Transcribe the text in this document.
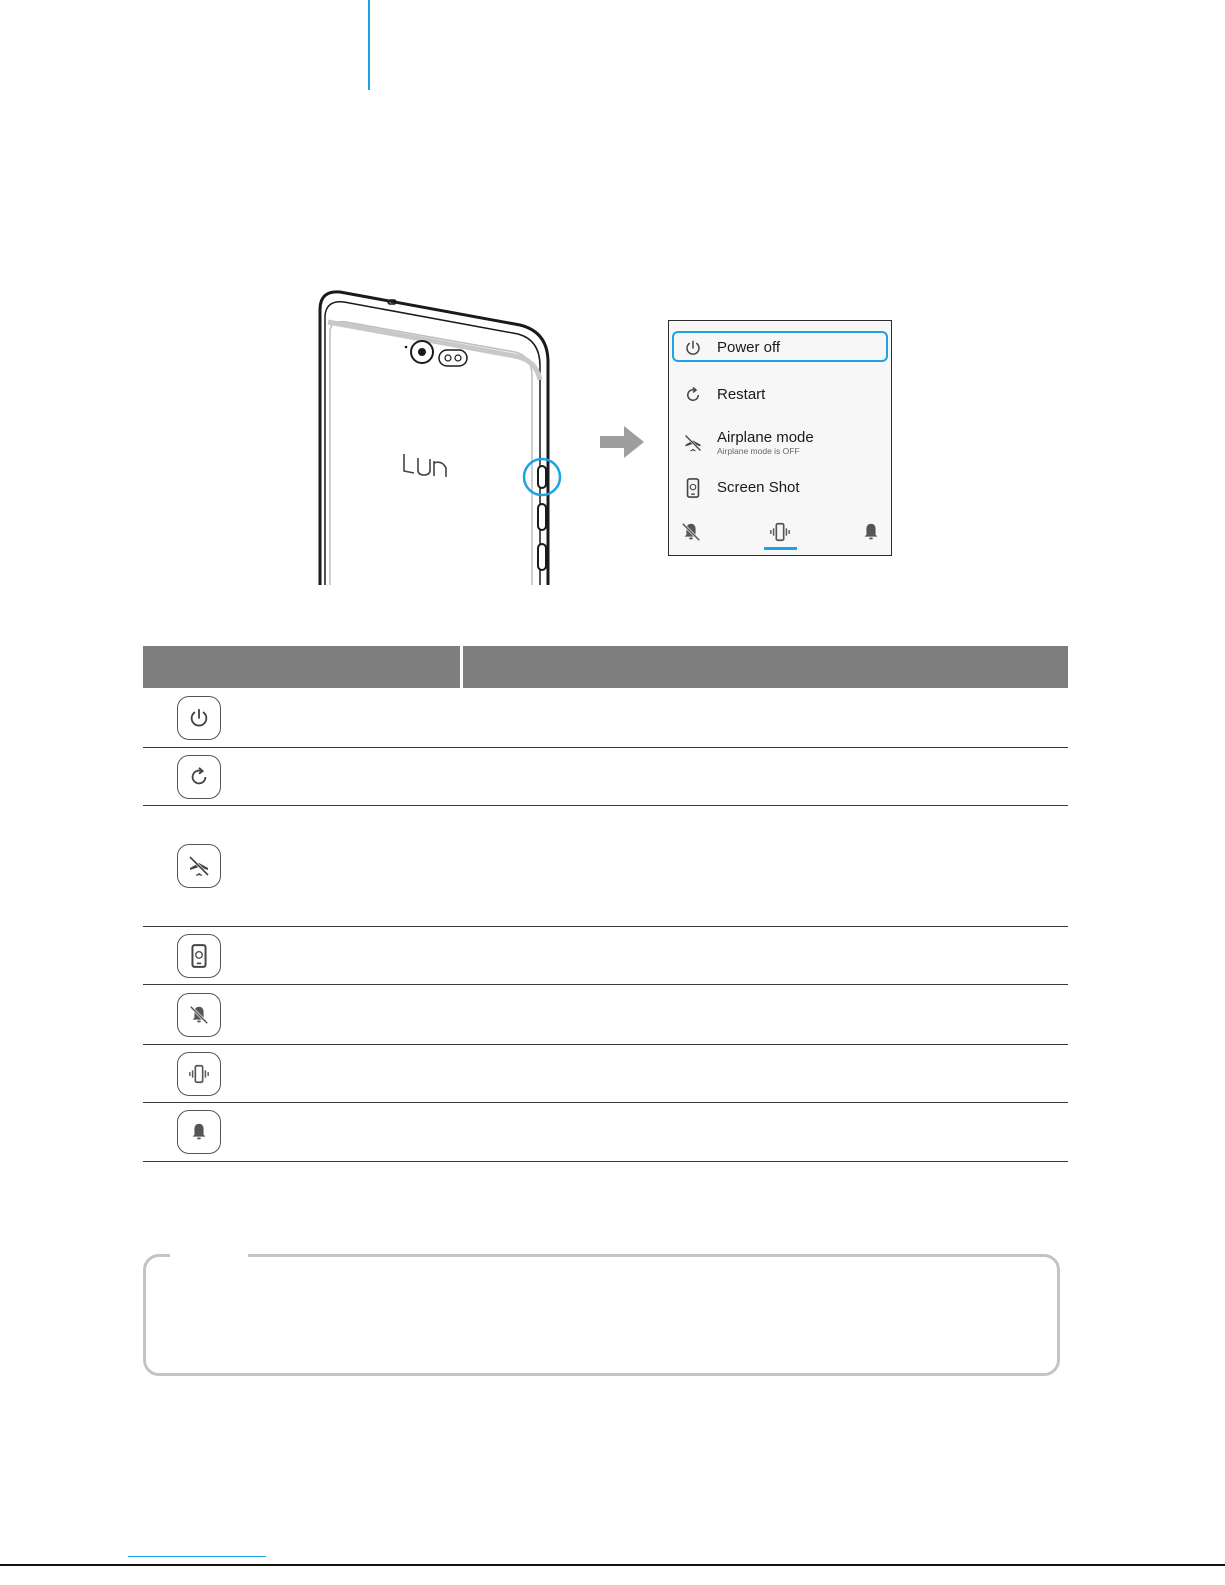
Power off
Restart
Airplane mode
Airplane mode is OFF
Screen Shot
